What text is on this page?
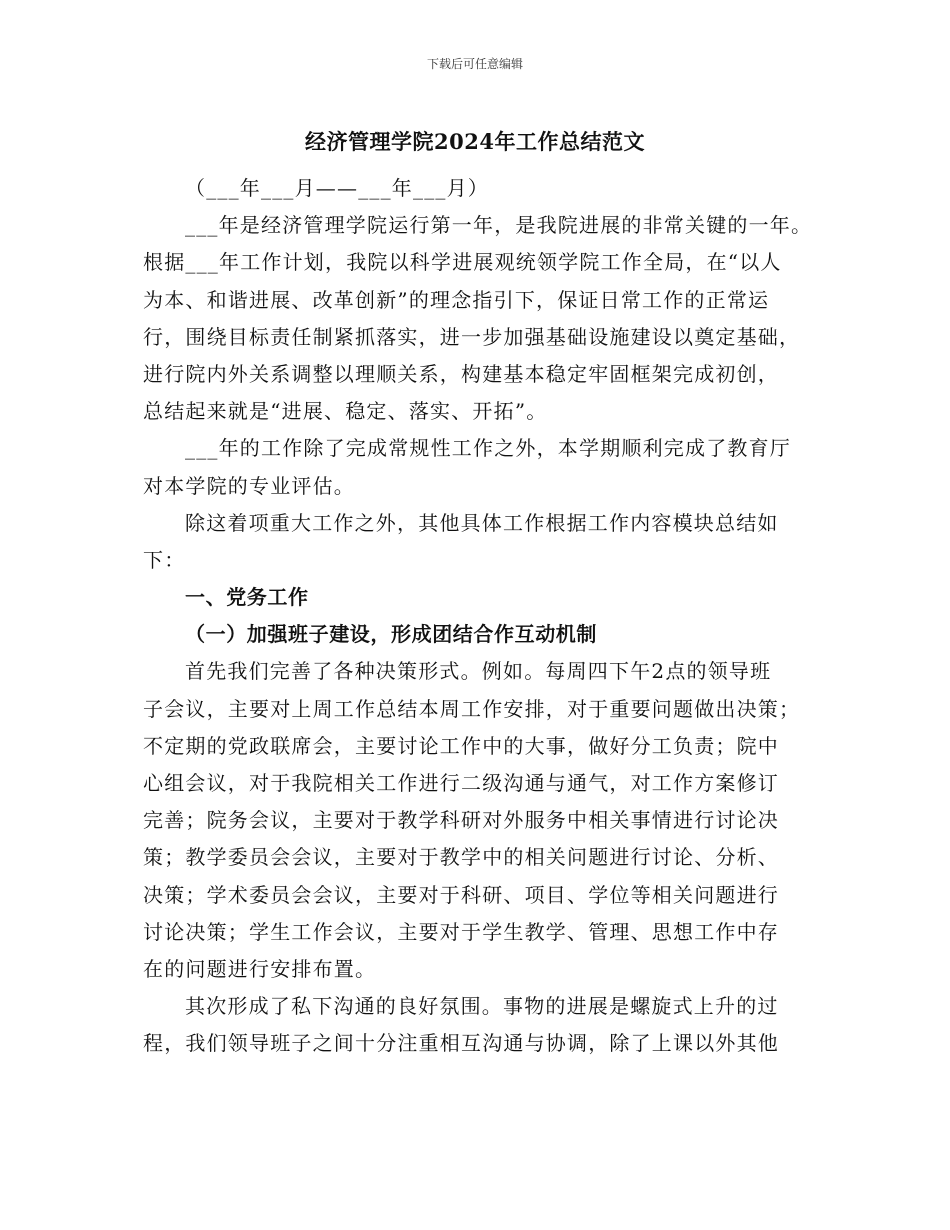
下载后可任意编辑
经济管理学院2024年工作总结范文
（___年___月——___年___月）
___年是经济管理学院运行第一年，是我院进展的非常关键的一年。
根据___年工作计划，我院以科学进展观统领学院工作全局，在“以人
为本、和谐进展、改革创新”的理念指引下，保证日常工作的正常运
行，围绕目标责任制紧抓落实，进一步加强基础设施建设以奠定基础，
进行院内外关系调整以理顺关系，构建基本稳定牢固框架完成初创，
总结起来就是“进展、稳定、落实、开拓”。
___年的工作除了完成常规性工作之外，本学期顺利完成了教育厅
对本学院的专业评估。
除这着项重大工作之外，其他具体工作根据工作内容模块总结如
下：
一、党务工作
（一）加强班子建设，形成团结合作互动机制
首先我们完善了各种决策形式。例如。每周四下午2点的领导班
子会议，主要对上周工作总结本周工作安排，对于重要问题做出决策；
不定期的党政联席会，主要讨论工作中的大事，做好分工负责；院中
心组会议，对于我院相关工作进行二级沟通与通气，对工作方案修订
完善；院务会议，主要对于教学科研对外服务中相关事情进行讨论决
策；教学委员会会议，主要对于教学中的相关问题进行讨论、分析、
决策；学术委员会会议，主要对于科研、项目、学位等相关问题进行
讨论决策；学生工作会议，主要对于学生教学、管理、思想工作中存
在的问题进行安排布置。
其次形成了私下沟通的良好氛围。事物的进展是螺旋式上升的过
程，我们领导班子之间十分注重相互沟通与协调，除了上课以外其他
